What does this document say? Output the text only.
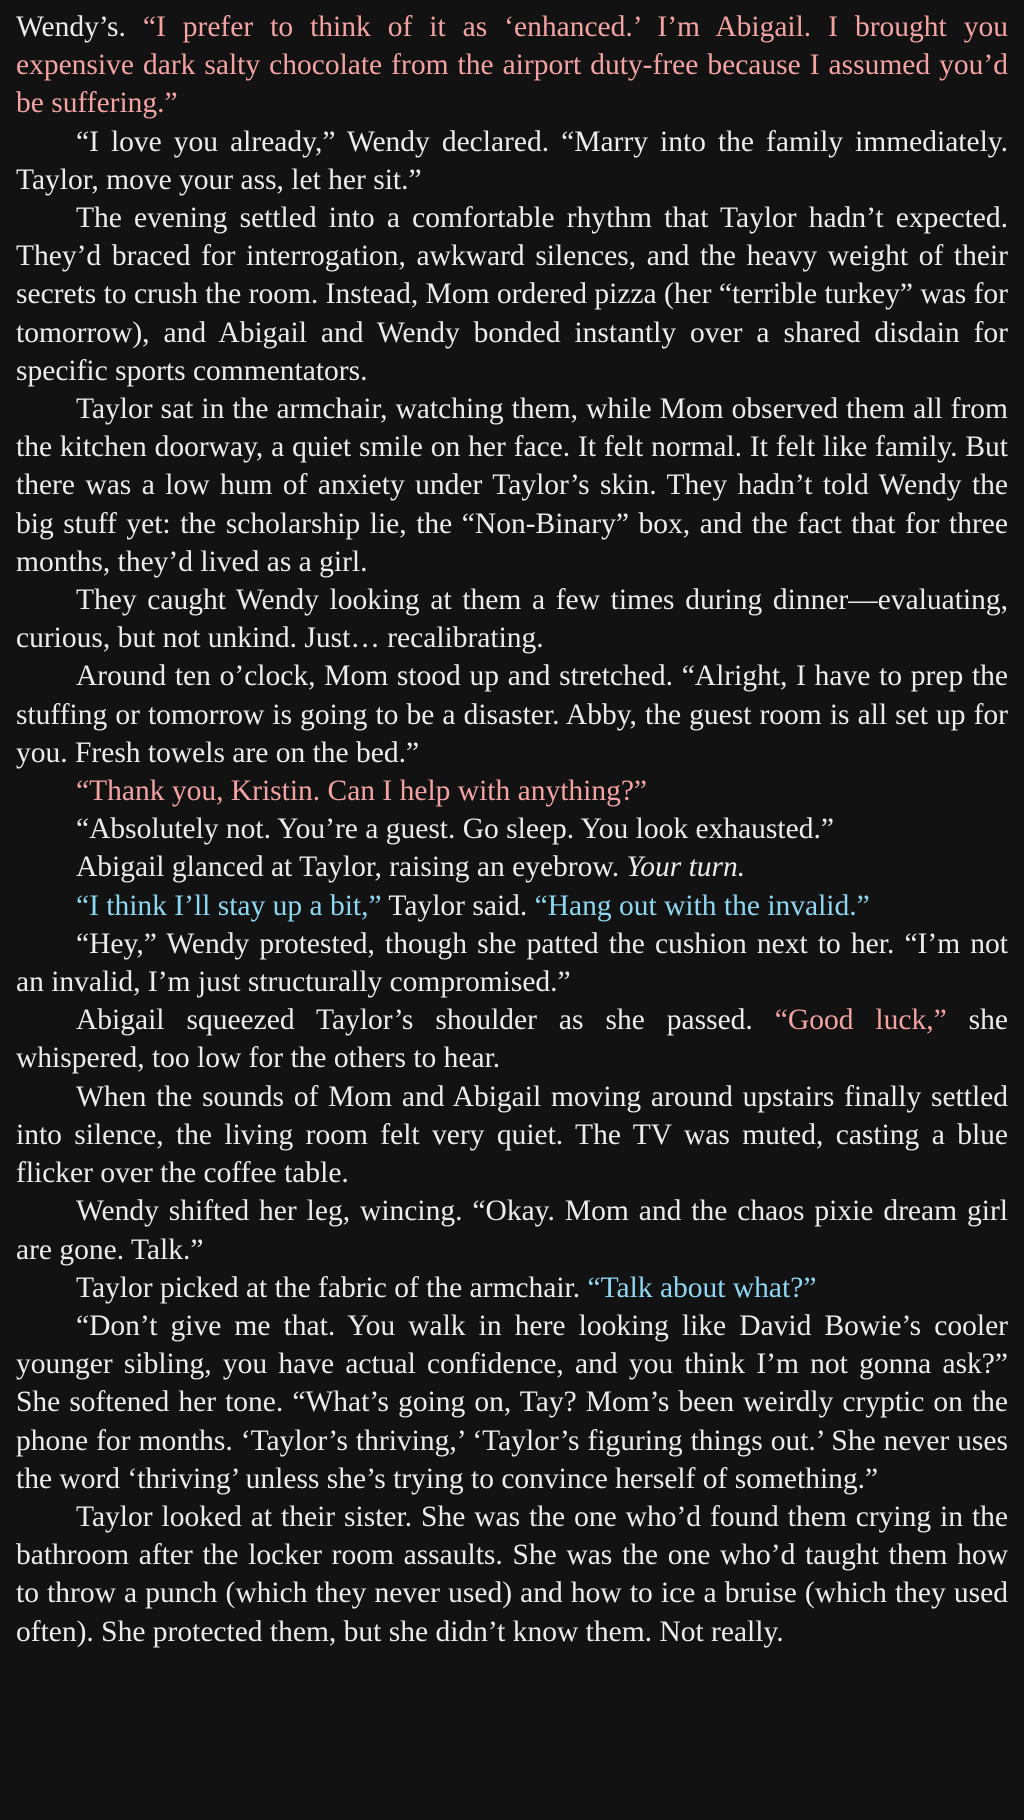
Wendy’s. “I prefer to think of it as ‘enhanced.’ I’m Abigail. I brought you expensive dark salty chocolate from the airport duty-free because I assumed you’d be suffering.”

“I love you already,” Wendy declared. “Marry into the family immediately. Taylor, move your ass, let her sit.”

The evening settled into a comfortable rhythm that Taylor hadn’t expected. They’d braced for interrogation, awkward silences, and the heavy weight of their secrets to crush the room. Instead, Mom ordered pizza (her “terrible turkey” was for tomorrow), and Abigail and Wendy bonded instantly over a shared disdain for specific sports commentators.

Taylor sat in the armchair, watching them, while Mom observed them all from the kitchen doorway, a quiet smile on her face. It felt normal. It felt like family. But there was a low hum of anxiety under Taylor’s skin. They hadn’t told Wendy the big stuff yet: the scholarship lie, the “Non-Binary” box, and the fact that for three months, they’d lived as a girl.

They caught Wendy looking at them a few times during dinner—evaluating, curious, but not unkind. Just… recalibrating.

Around ten o’clock, Mom stood up and stretched. “Alright, I have to prep the stuffing or tomorrow is going to be a disaster. Abby, the guest room is all set up for you. Fresh towels are on the bed.”

“Thank you, Kristin. Can I help with anything?”

“Absolutely not. You’re a guest. Go sleep. You look exhausted.”

Abigail glanced at Taylor, raising an eyebrow. Your turn.

“I think I’ll stay up a bit,” Taylor said. “Hang out with the invalid.”

“Hey,” Wendy protested, though she patted the cushion next to her. “I’m not an invalid, I’m just structurally compromised.”

Abigail squeezed Taylor’s shoulder as she passed. “Good luck,” she whispered, too low for the others to hear.

When the sounds of Mom and Abigail moving around upstairs finally settled into silence, the living room felt very quiet. The TV was muted, casting a blue flicker over the coffee table.

Wendy shifted her leg, wincing. “Okay. Mom and the chaos pixie dream girl are gone. Talk.”

Taylor picked at the fabric of the armchair. “Talk about what?”

“Don’t give me that. You walk in here looking like David Bowie’s cooler younger sibling, you have actual confidence, and you think I’m not gonna ask?” She softened her tone. “What’s going on, Tay? Mom’s been weirdly cryptic on the phone for months. ‘Taylor’s thriving,’ ‘Taylor’s figuring things out.’ She never uses the word ‘thriving’ unless she’s trying to convince herself of something.”

Taylor looked at their sister. She was the one who’d found them crying in the bathroom after the locker room assaults. She was the one who’d taught them how to throw a punch (which they never used) and how to ice a bruise (which they used often). She protected them, but she didn’t know them. Not really.
